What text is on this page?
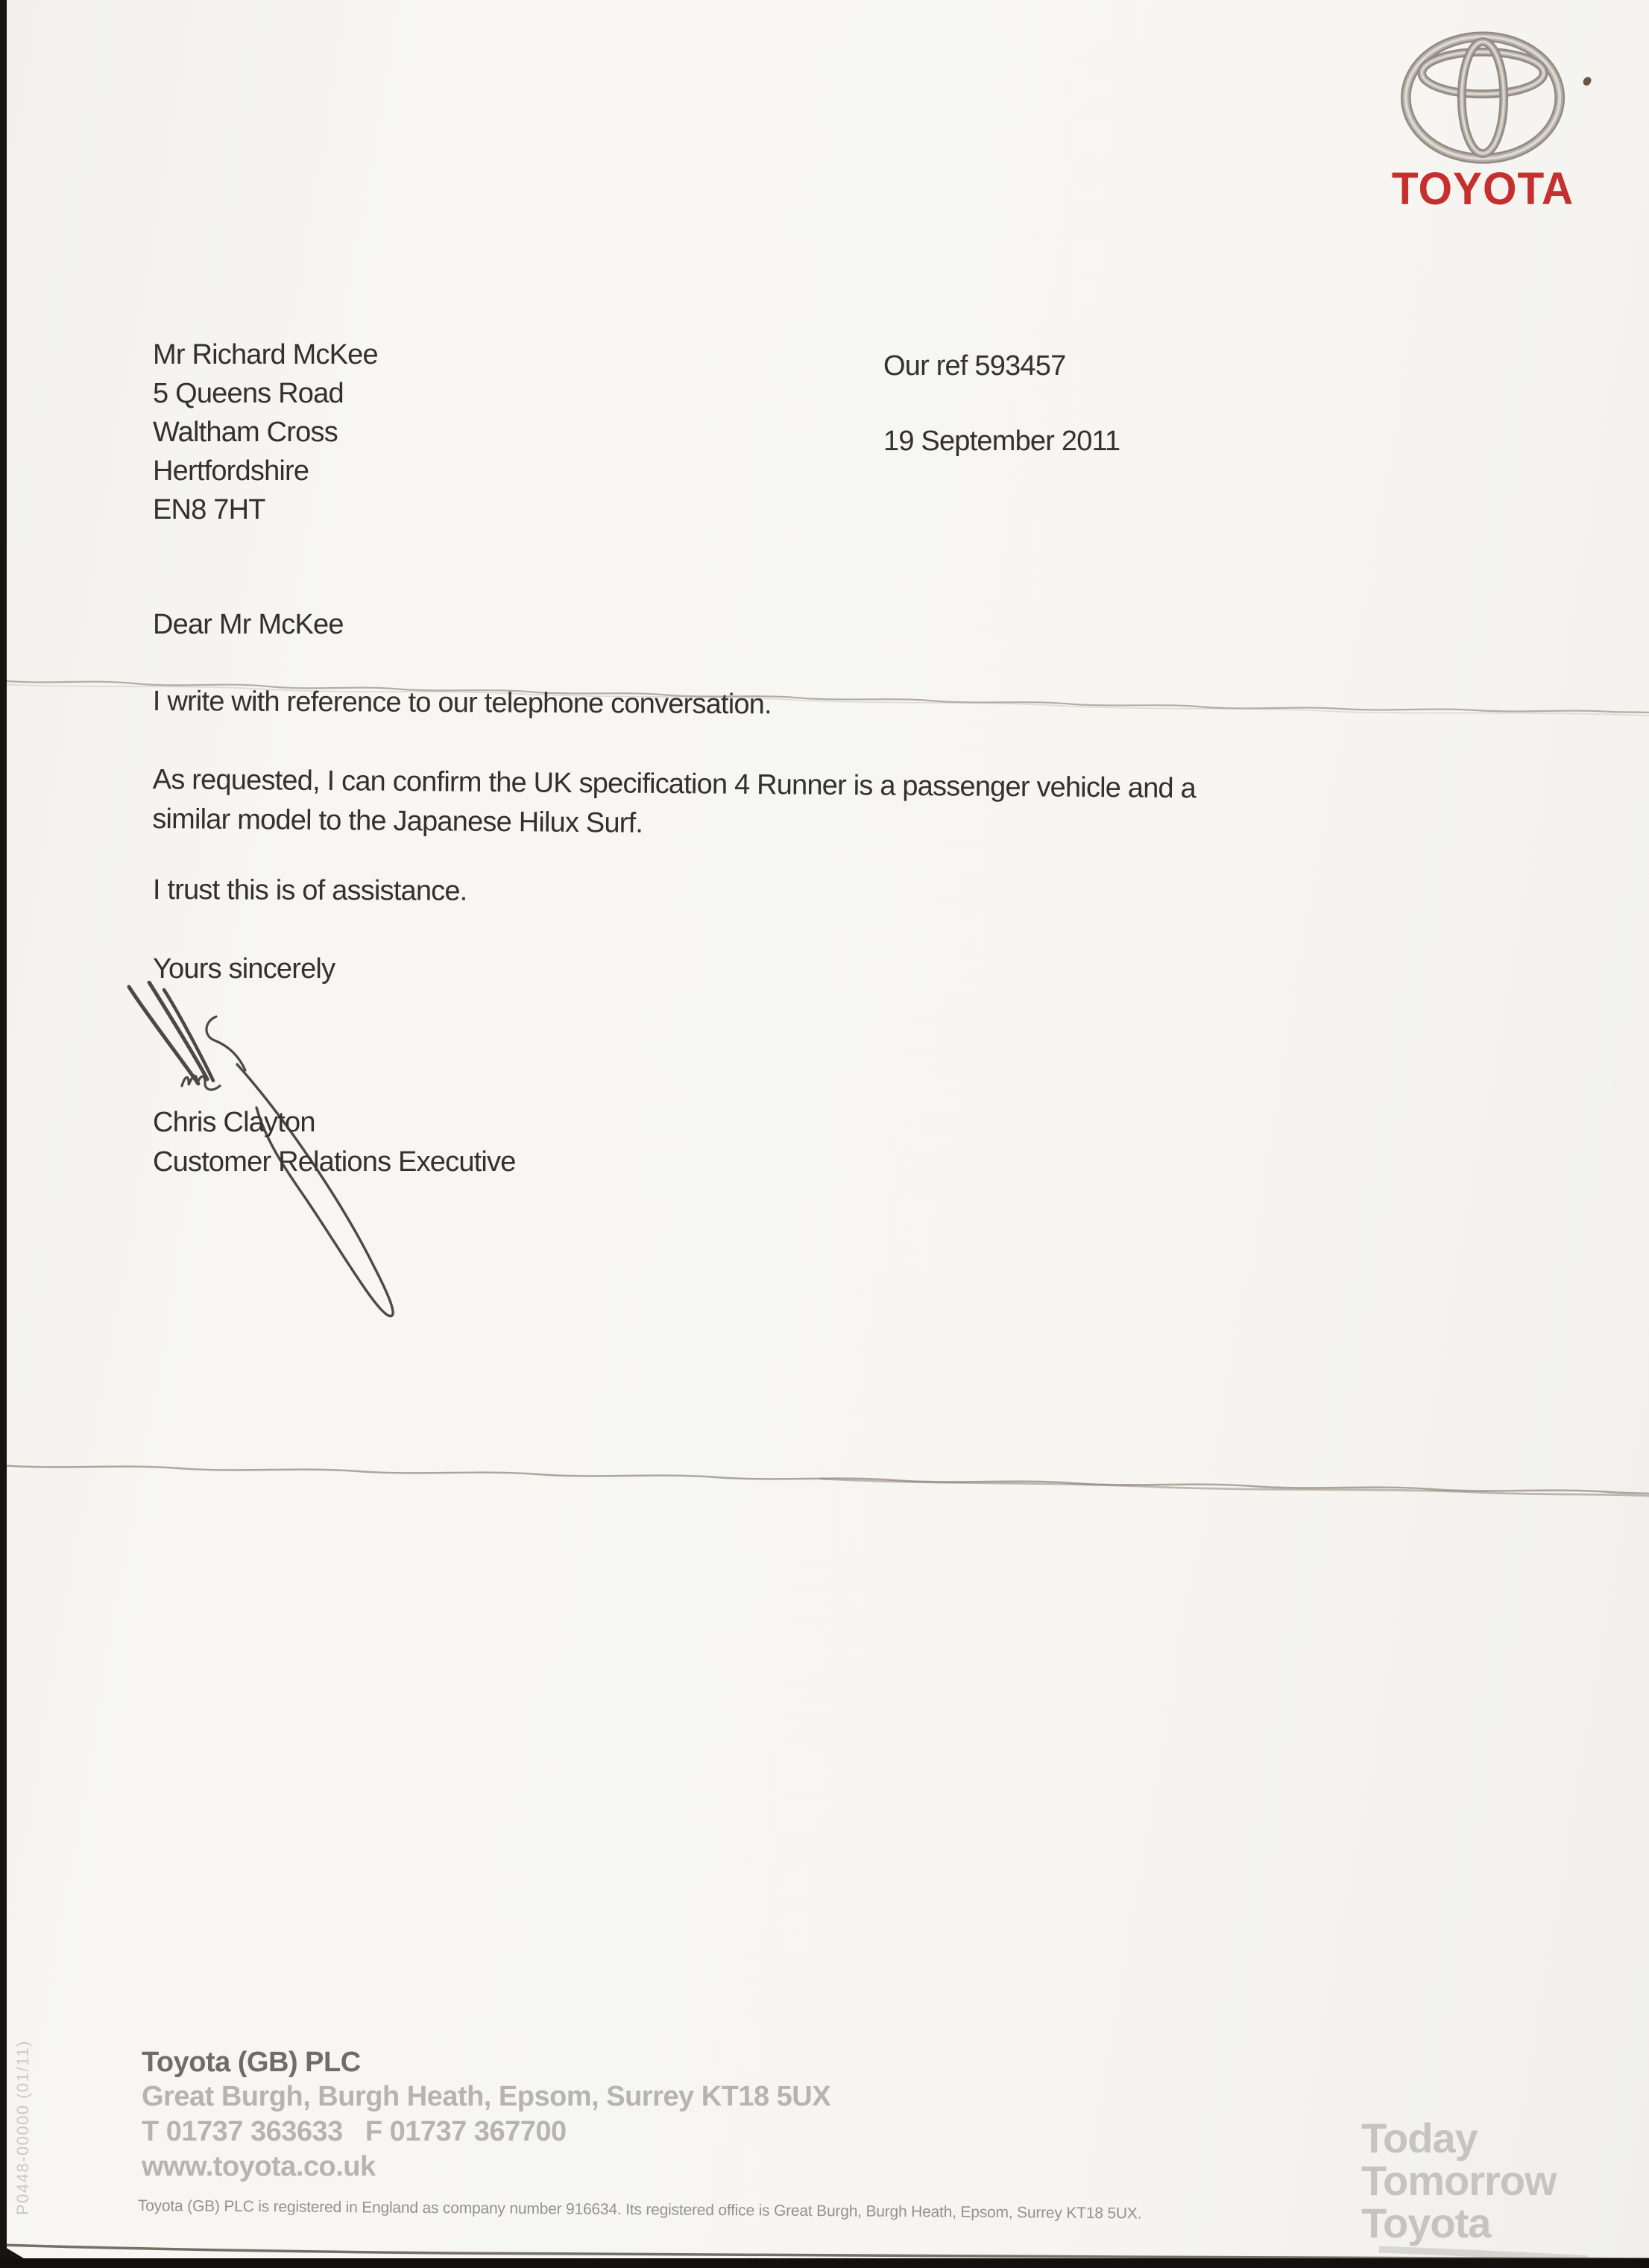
TOYOTA
Mr Richard McKee
5 Queens Road
Waltham Cross
Hertfordshire
EN8 7HT
Our ref 593457
19 September 2011
Dear Mr McKee
I write with reference to our telephone conversation.
As requested, I can confirm the UK specification 4 Runner is a passenger vehicle and a similar model to the Japanese Hilux Surf.
I trust this is of assistance.
Yours sincerely
Chris Clayton
Customer Relations Executive
Toyota (GB) PLC
Great Burgh, Burgh Heath, Epsom, Surrey KT18 5UX
T 01737 363633 F 01737 367700
www.toyota.co.uk
Toyota (GB) PLC is registered in England as company number 916634. Its registered office is Great Burgh, Burgh Heath, Epsom, Surrey KT18 5UX.
Today
Tomorrow
Toyota
P0448-00000 (01/11)
